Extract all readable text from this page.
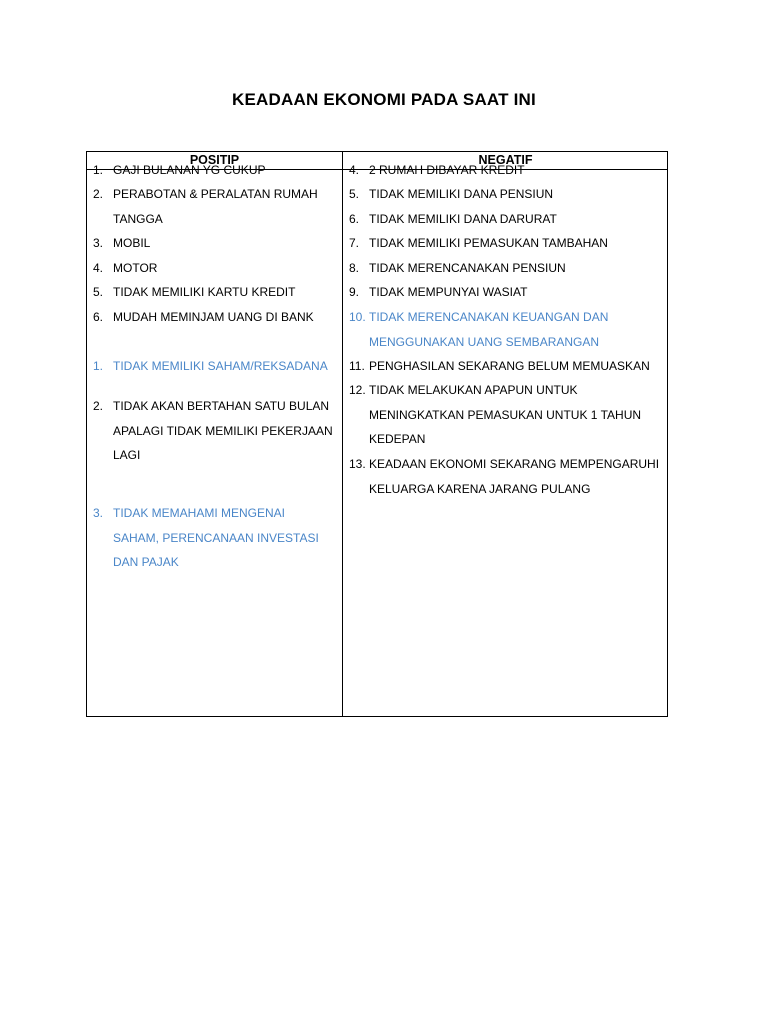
KEADAAN EKONOMI PADA SAAT INI
POSITIP	NEGATIF
1. GAJI BULANAN YG CUKUP
2. PERABOTAN & PERALATAN RUMAH
TANGGA
3. MOBIL
4. MOTOR
5. TIDAK MEMILIKI KARTU KREDIT
6. MUDAH MEMINJAM UANG DI BANK
1. TIDAK MEMILIKI SAHAM/REKSADANA
2. TIDAK AKAN BERTAHAN SATU BULAN
APALAGI TIDAK MEMILIKI PEKERJAAN
LAGI
3. TIDAK MEMAHAMI MENGENAI
SAHAM, PERENCANAAN INVESTASI
DAN PAJAK
4. 2 RUMAH DIBAYAR KREDIT
5. TIDAK MEMILIKI DANA PENSIUN
6. TIDAK MEMILIKI DANA DARURAT
7. TIDAK MEMILIKI PEMASUKAN TAMBAHAN
8. TIDAK MERENCANAKAN PENSIUN
9. TIDAK MEMPUNYAI WASIAT
10. TIDAK MERENCANAKAN KEUANGAN DAN
MENGGUNAKAN UANG SEMBARANGAN
11. PENGHASILAN SEKARANG BELUM MEMUASKAN
12. TIDAK MELAKUKAN APAPUN UNTUK
MENINGKATKAN PEMASUKAN UNTUK 1 TAHUN
KEDEPAN
13. KEADAAN EKONOMI SEKARANG MEMPENGARUHI
KELUARGA KARENA JARANG PULANG
